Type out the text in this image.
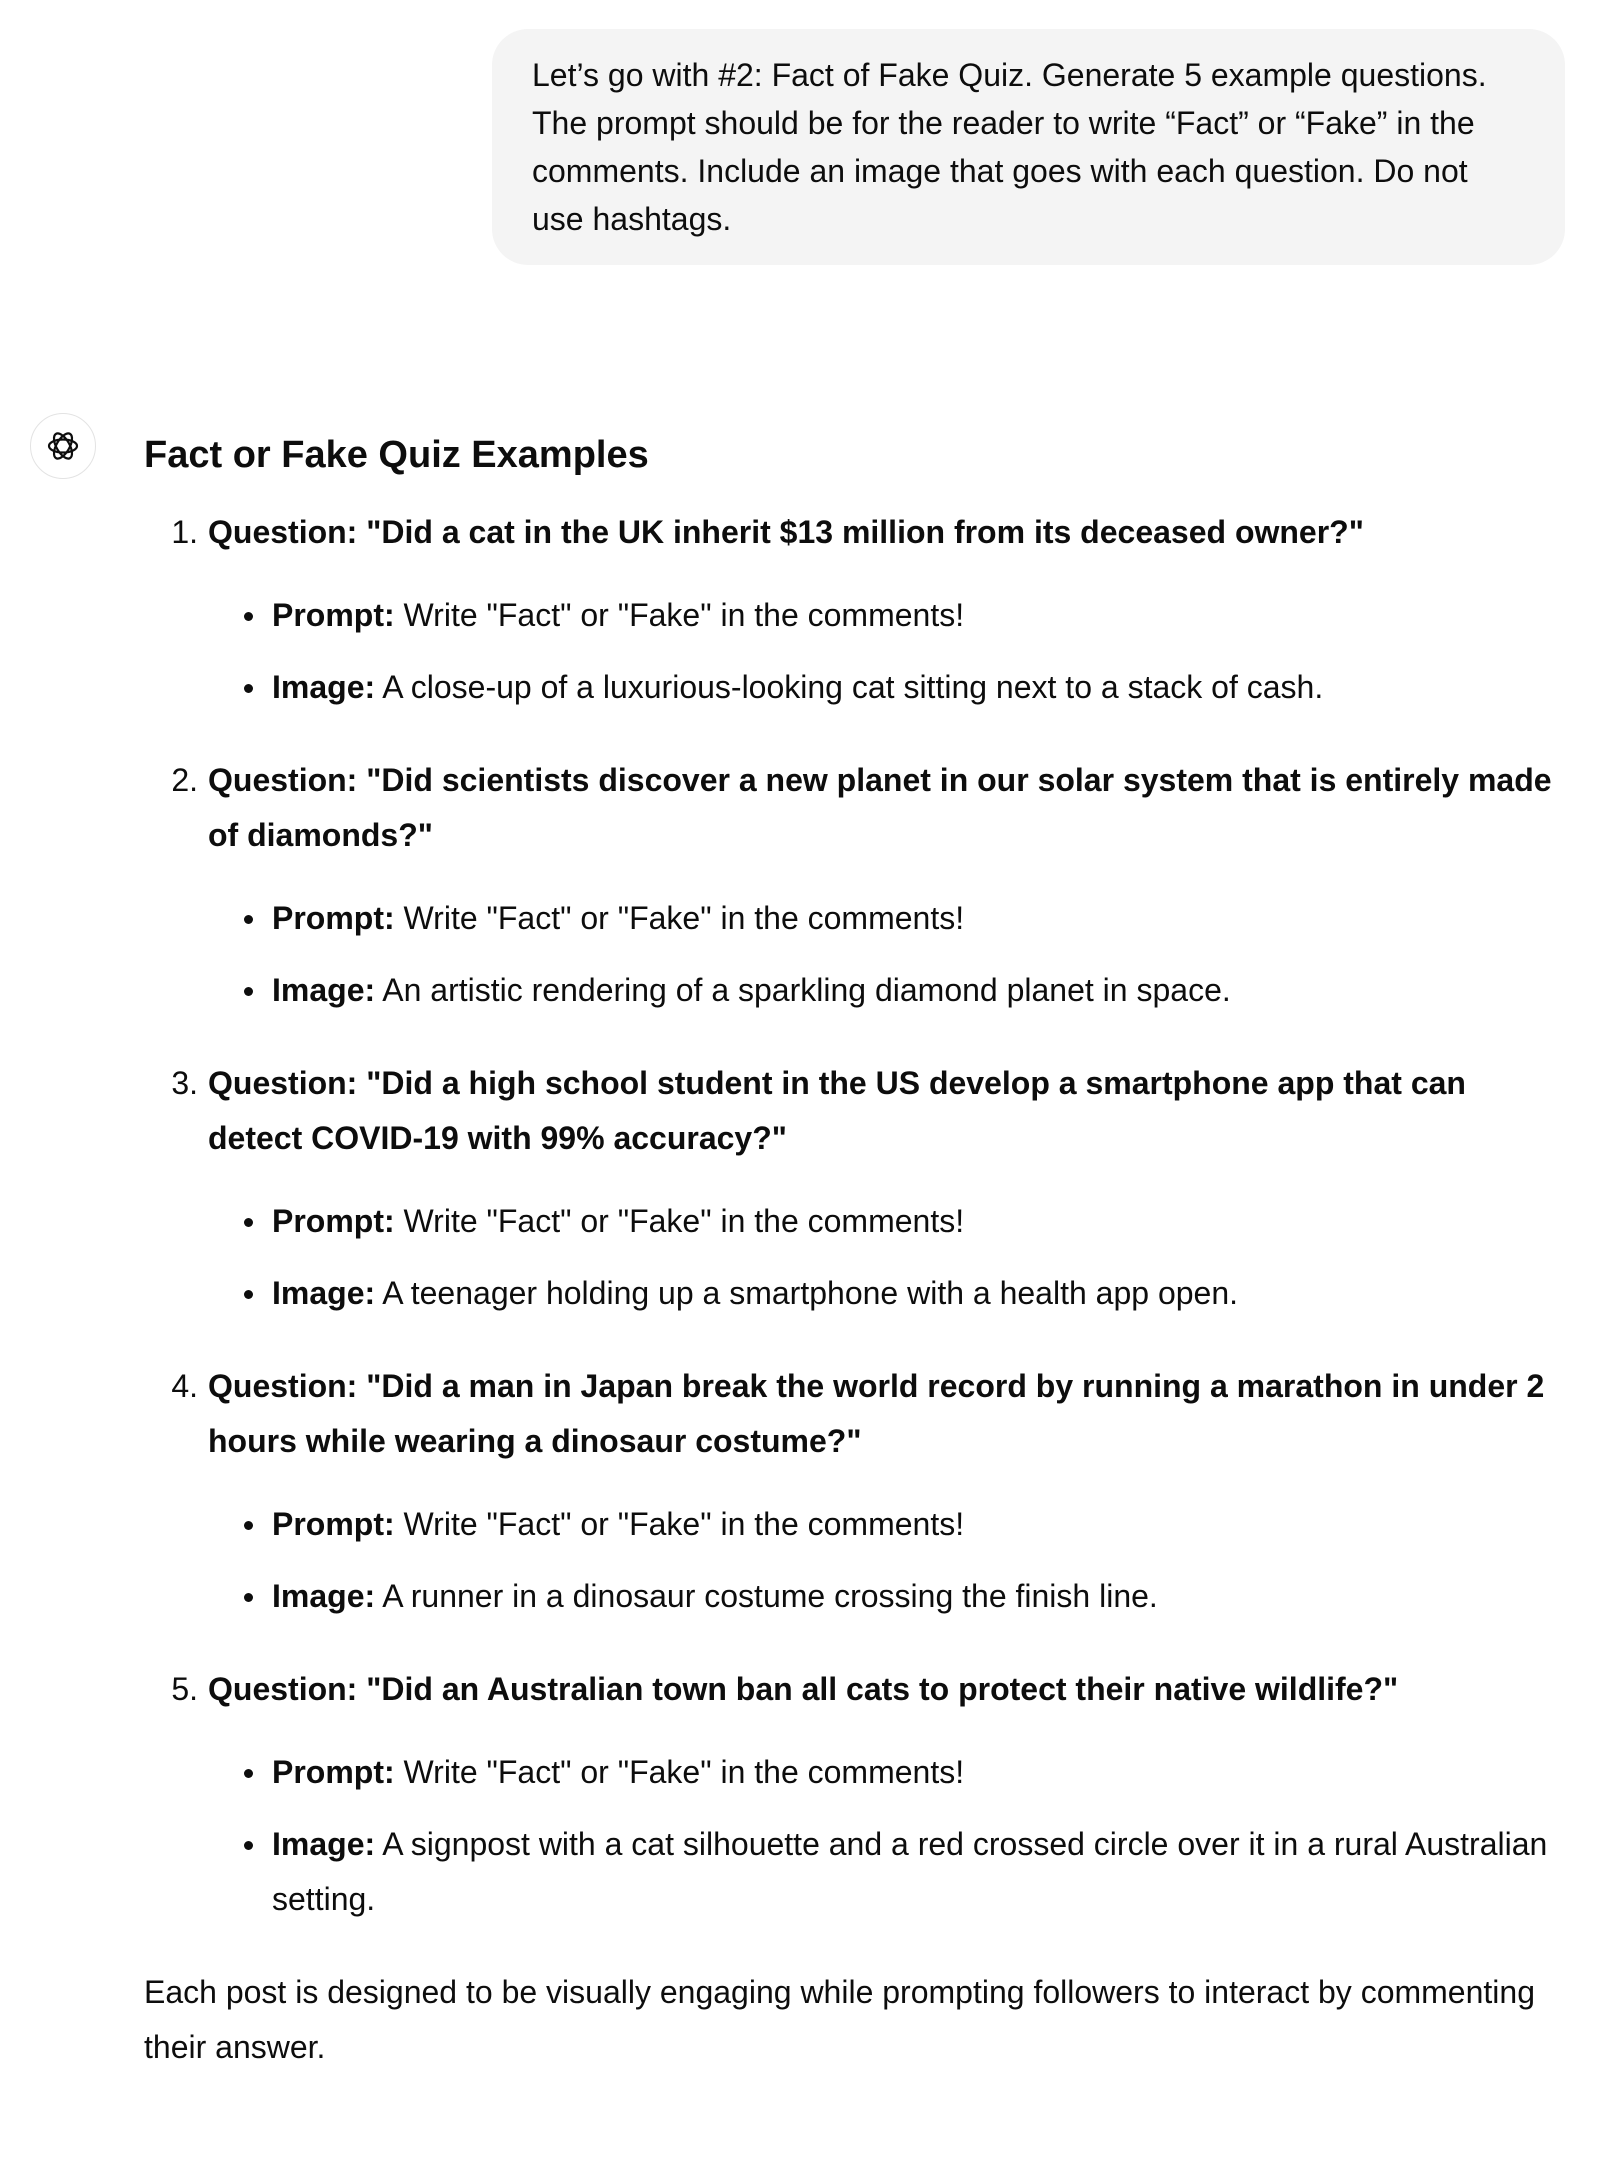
Let’s go with #2: Fact of Fake Quiz. Generate 5 example questions. The prompt should be for the reader to write “Fact” or “Fake” in the comments. Include an image that goes with each question. Do not use hashtags.
Fact or Fake Quiz Examples
1. Question: "Did a cat in the UK inherit $13 million from its deceased owner?"

Prompt: Write "Fact" or "Fake" in the comments!
Image: A close-up of a luxurious-looking cat sitting next to a stack of cash.
2. Question: "Did scientists discover a new planet in our solar system that is entirely made of diamonds?"

Prompt: Write "Fact" or "Fake" in the comments!
Image: An artistic rendering of a sparkling diamond planet in space.
3. Question: "Did a high school student in the US develop a smartphone app that can detect COVID-19 with 99% accuracy?"

Prompt: Write "Fact" or "Fake" in the comments!
Image: A teenager holding up a smartphone with a health app open.
4. Question: "Did a man in Japan break the world record by running a marathon in under 2 hours while wearing a dinosaur costume?"

Prompt: Write "Fact" or "Fake" in the comments!
Image: A runner in a dinosaur costume crossing the finish line.
5. Question: "Did an Australian town ban all cats to protect their native wildlife?"

Prompt: Write "Fact" or "Fake" in the comments!
Image: A signpost with a cat silhouette and a red crossed circle over it in a rural Australian setting.

Each post is designed to be visually engaging while prompting followers to interact by commenting their answer.
